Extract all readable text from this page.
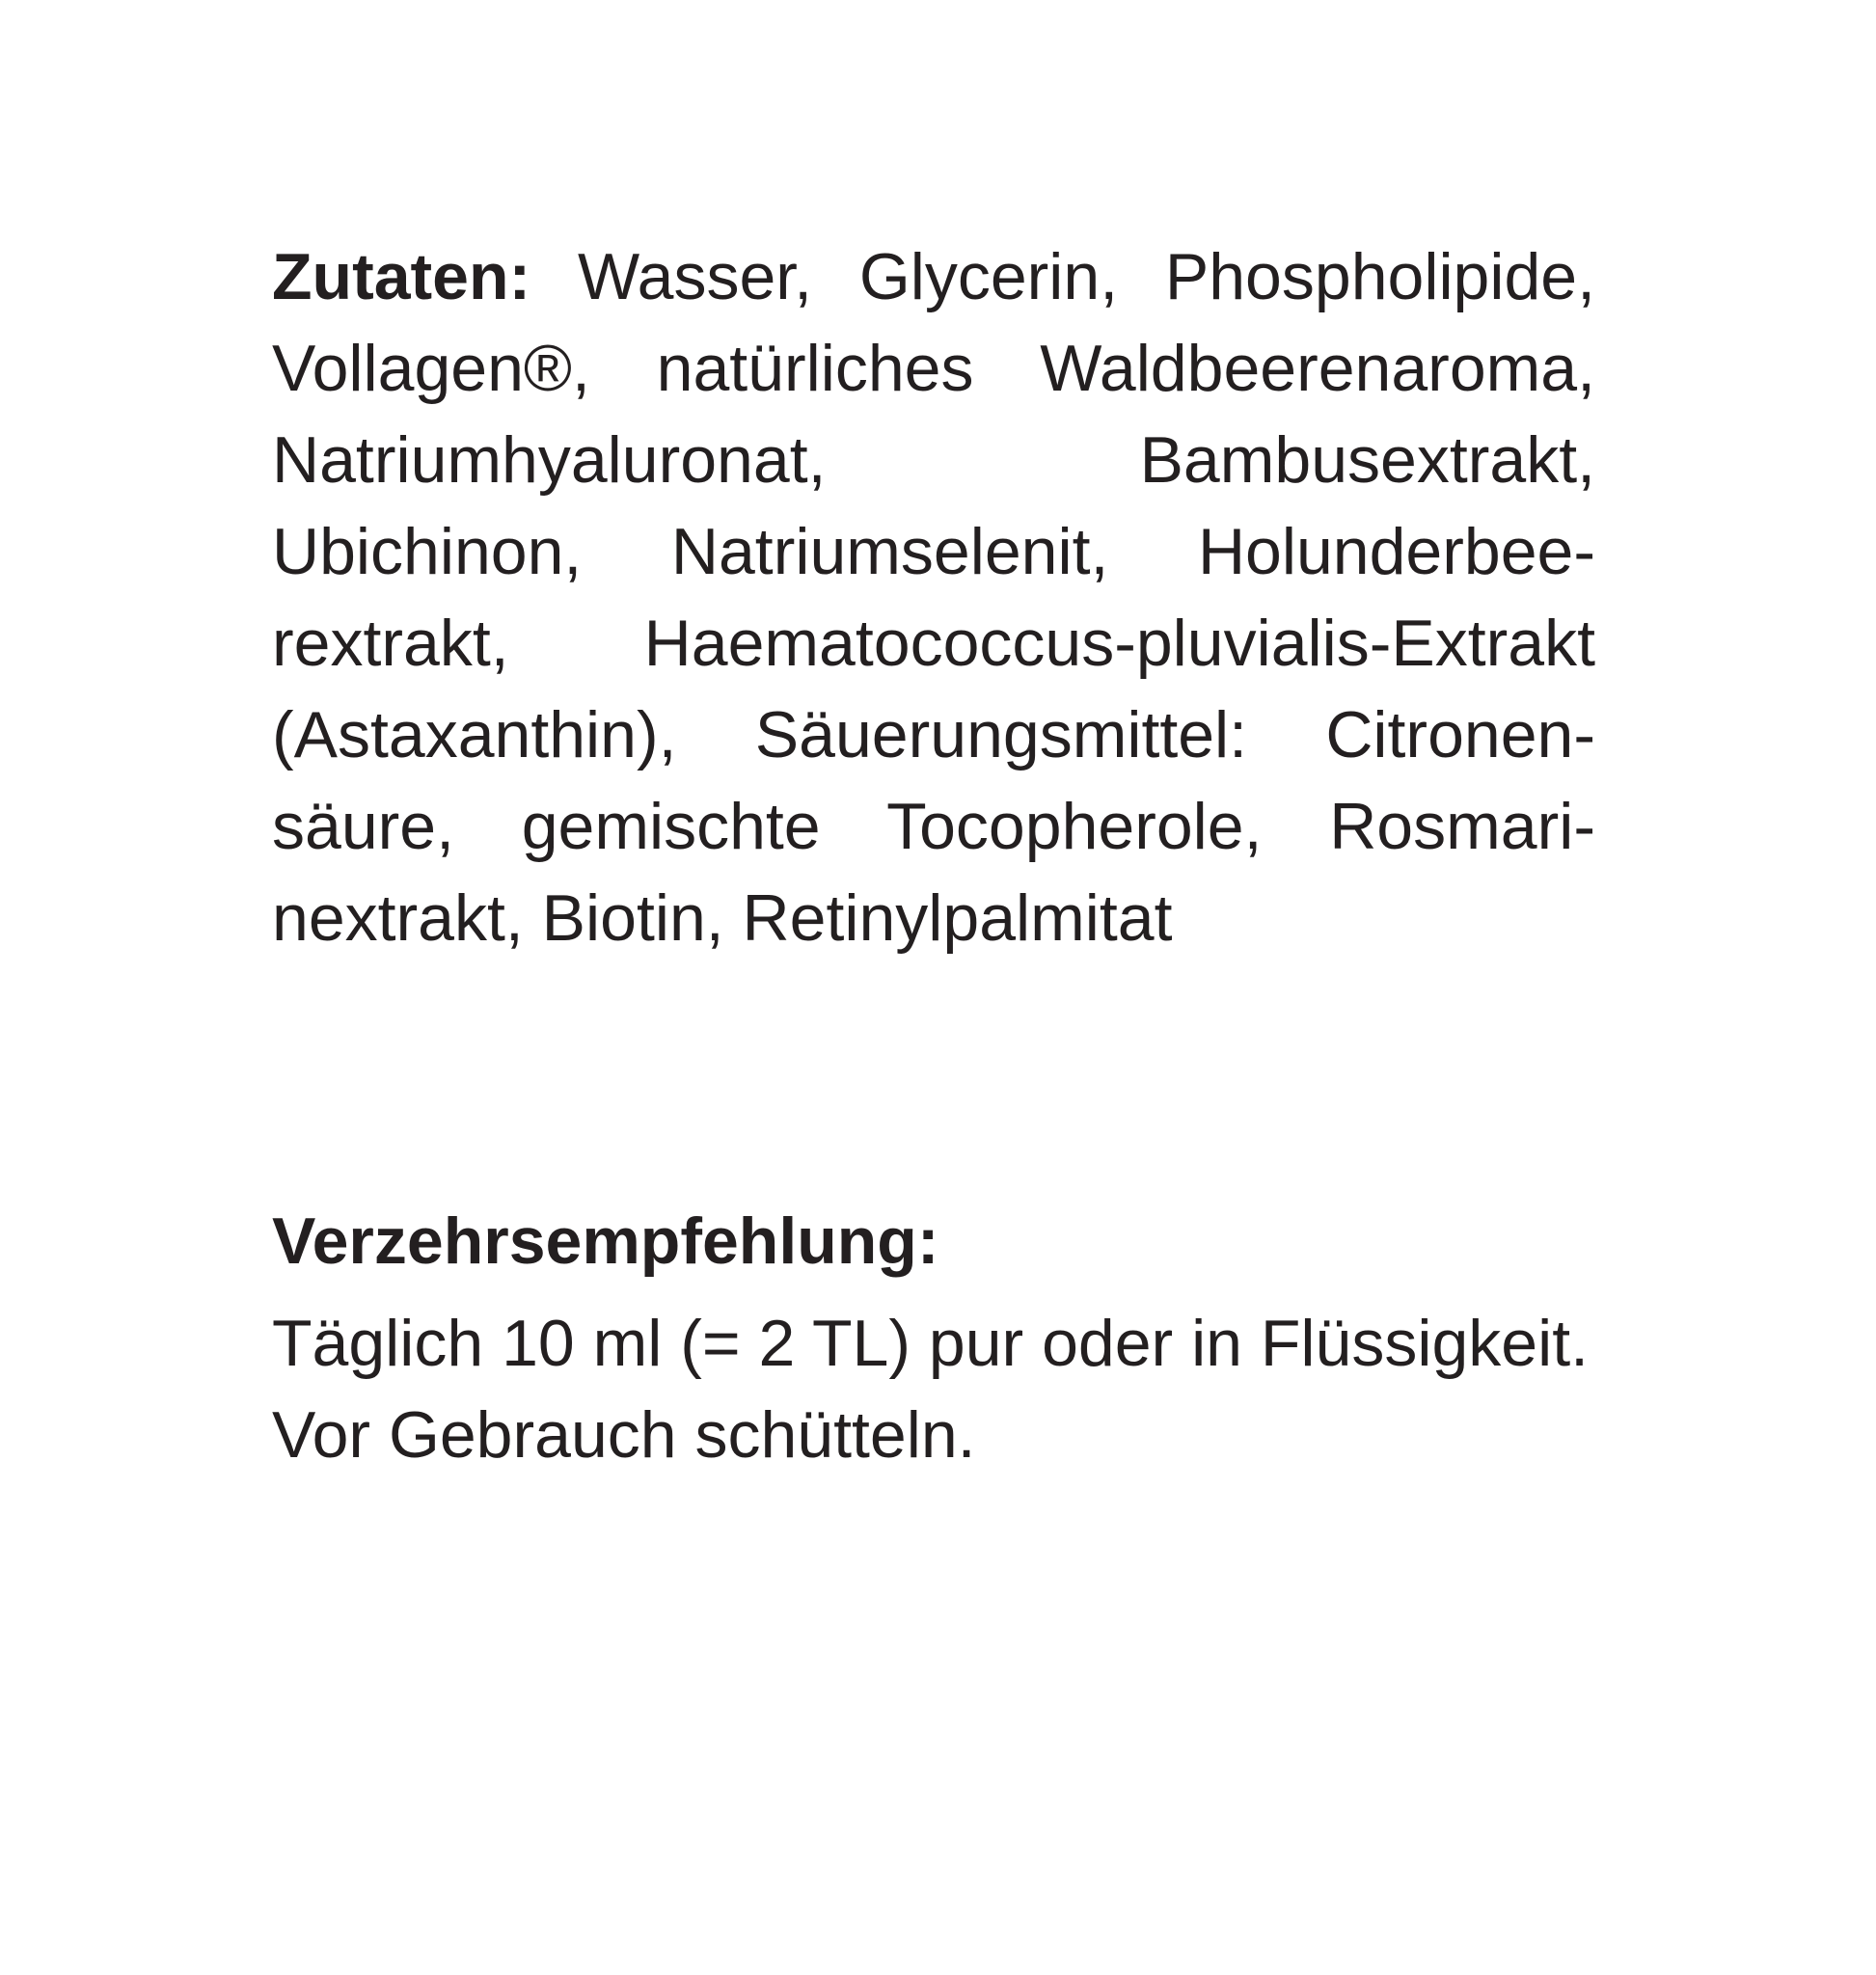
Zutaten: Wasser, Glycerin, Phospholipide,
Vollagen®, natürliches Waldbeerenaroma,
Natriumhyaluronat, Bambusextrakt,
Ubichinon, Natriumselenit, Holunderbee-
rextrakt, Haematococcus-pluvialis-Extrakt
(Astaxanthin), Säuerungsmittel: Citronen-
säure, gemischte Tocopherole, Rosmari-
nextrakt, Biotin, Retinylpalmitat
Verzehrsempfehlung:
Täglich 10 ml (= 2 TL) pur oder in Flüssigkeit.
Vor Gebrauch schütteln.
